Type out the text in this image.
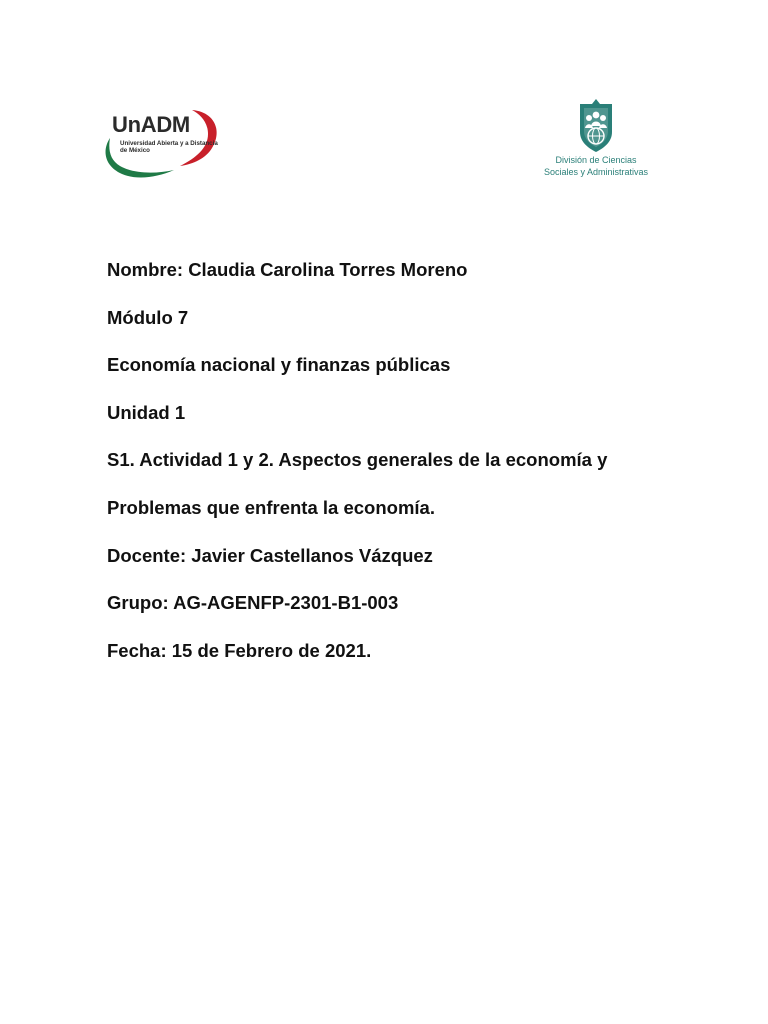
UnADM
Universidad Abierta y a Distancia de México
División de Ciencias
Sociales y Administrativas
Nombre: Claudia Carolina Torres Moreno
Módulo 7
Economía nacional y finanzas públicas
Unidad 1
S1. Actividad 1 y 2. Aspectos generales de la economía y
Problemas que enfrenta la economía.
Docente: Javier Castellanos Vázquez
Grupo: AG-AGENFP-2301-B1-003
Fecha: 15 de Febrero de 2021.
